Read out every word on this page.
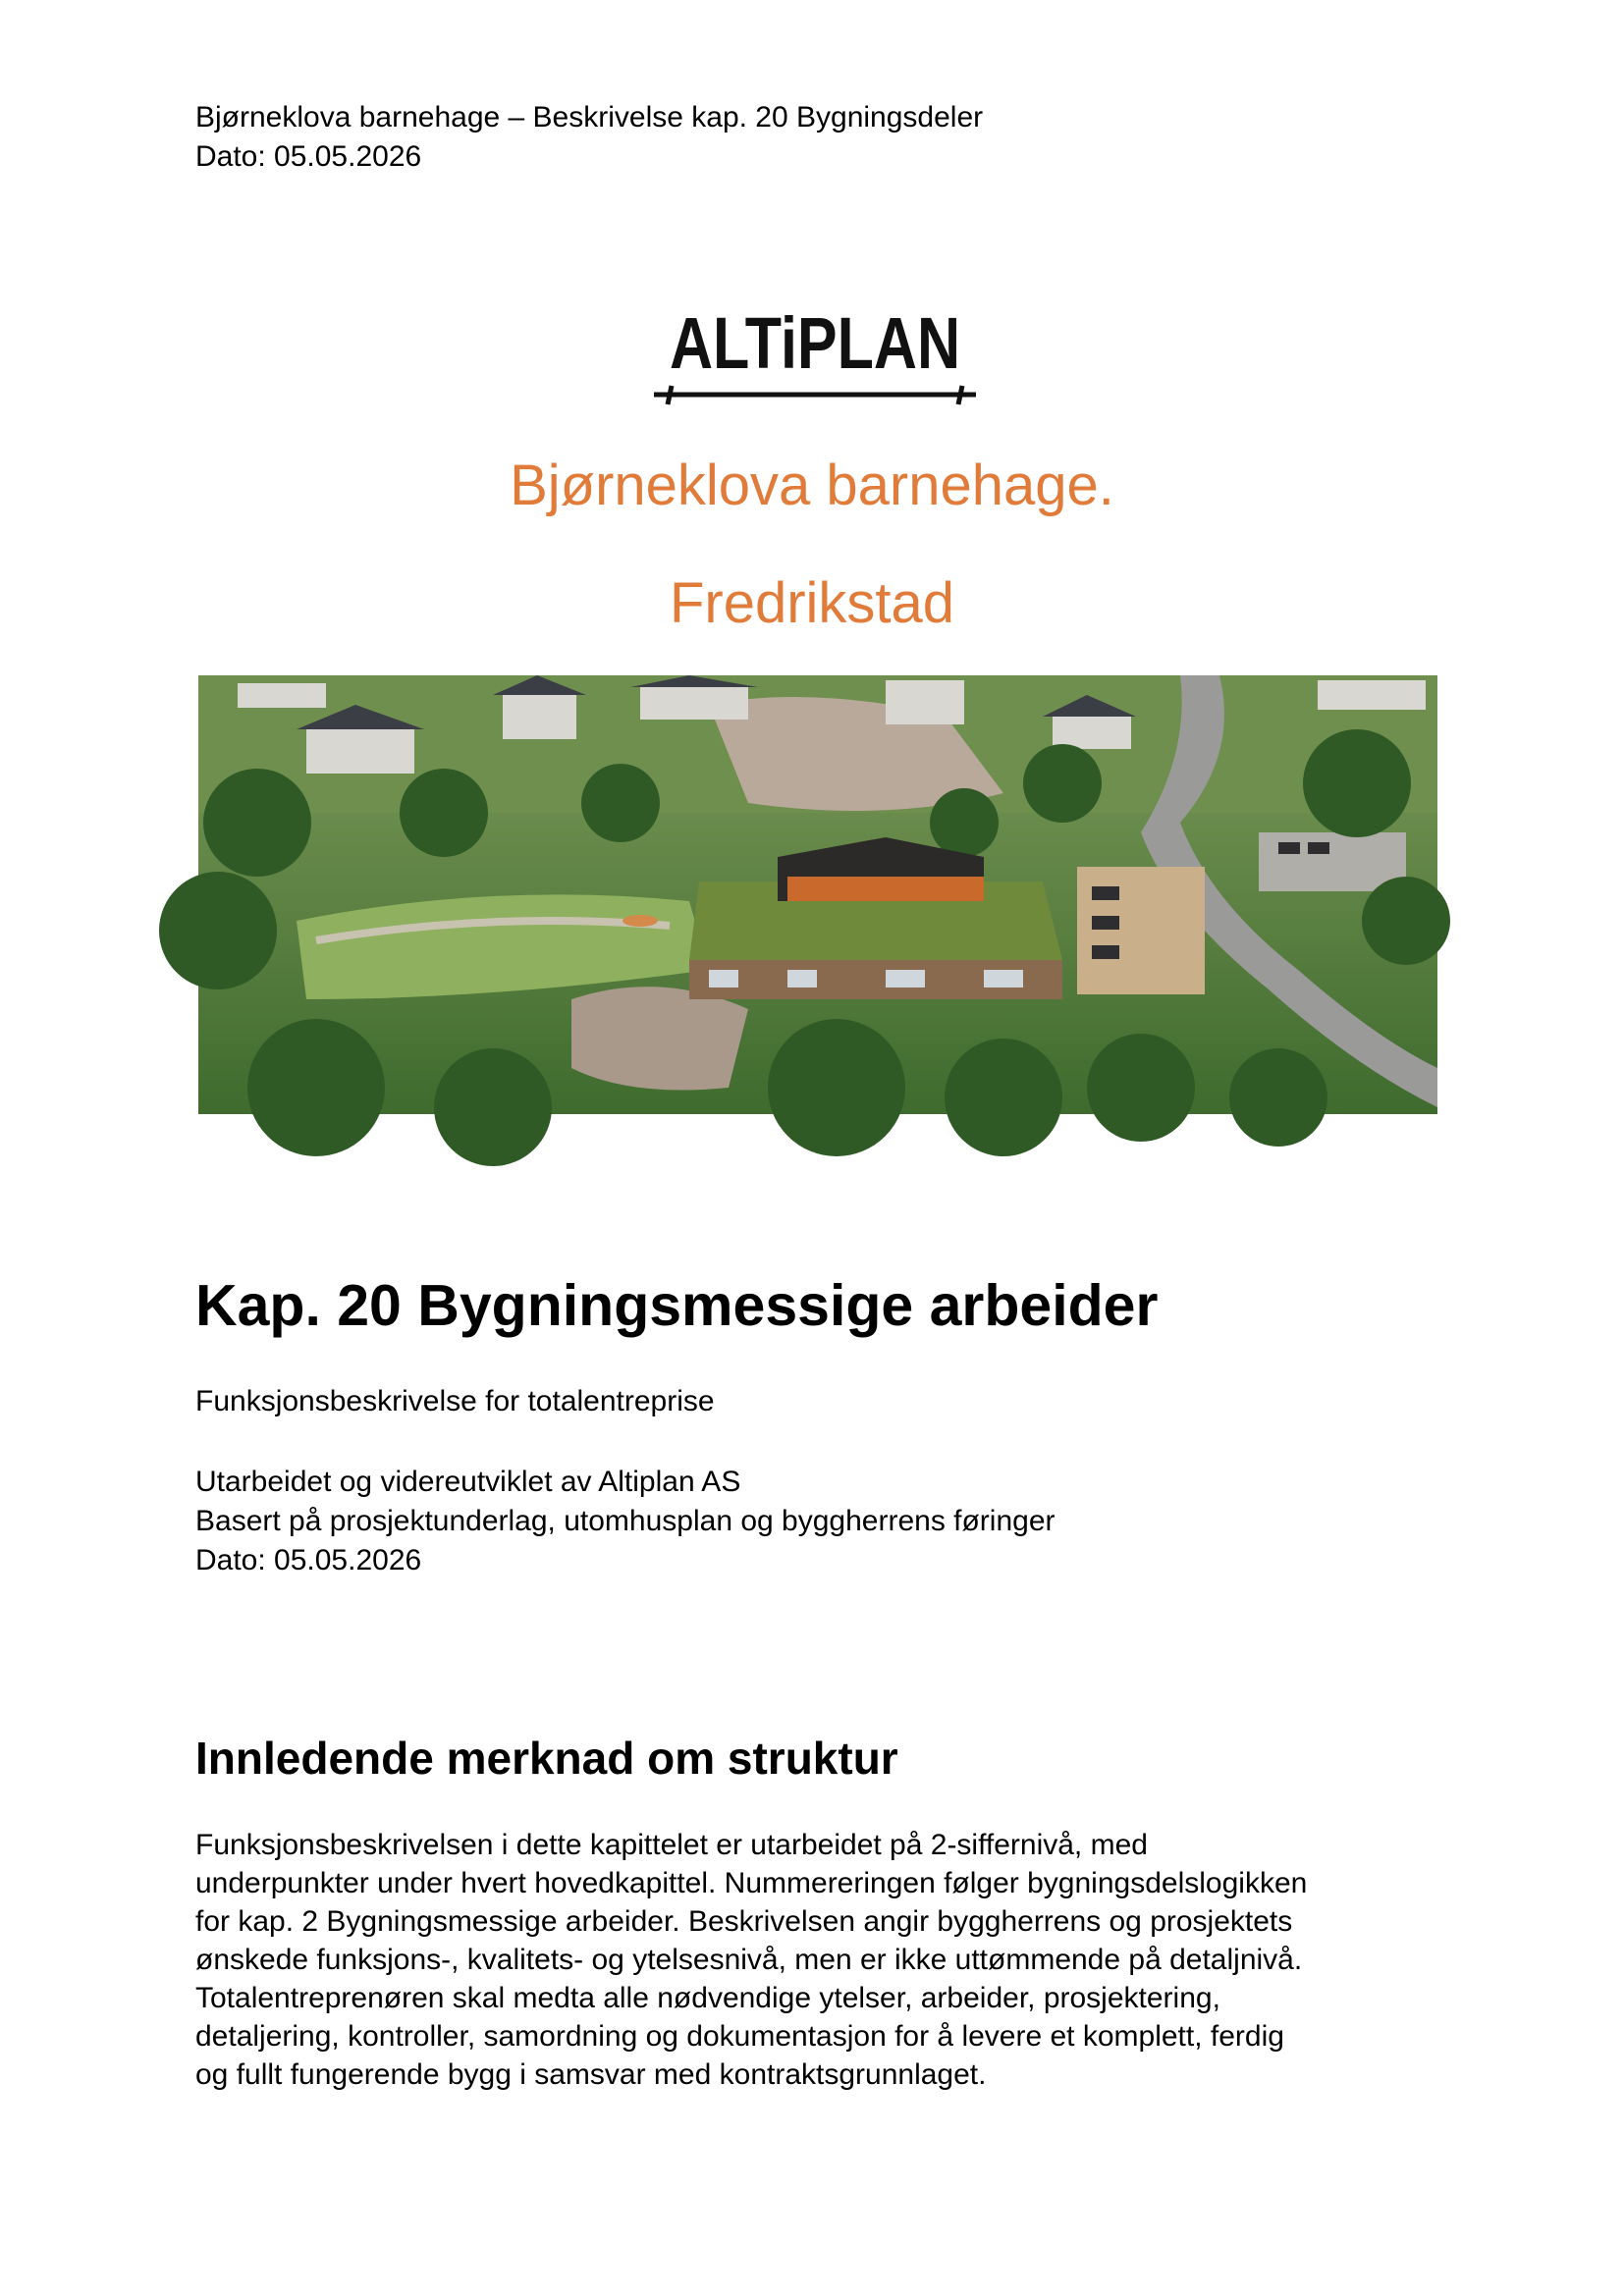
Bjørneklova barnehage – Beskrivelse kap. 20 Bygningsdeler
Dato: 05.05.2026
ALTiPLAN
Bjørneklova barnehage.
Fredrikstad
Kap. 20 Bygningsmessige arbeider
Funksjonsbeskrivelse for totalentreprise
Utarbeidet og videreutviklet av Altiplan AS
Basert på prosjektunderlag, utomhusplan og byggherrens føringer
Dato: 05.05.2026
Innledende merknad om struktur
Funksjonsbeskrivelsen i dette kapittelet er utarbeidet på 2-siffernivå, med
underpunkter under hvert hovedkapittel. Nummereringen følger bygningsdelslogikken
for kap. 2 Bygningsmessige arbeider. Beskrivelsen angir byggherrens og prosjektets
ønskede funksjons-, kvalitets- og ytelsesnivå, men er ikke uttømmende på detaljnivå.
Totalentreprenøren skal medta alle nødvendige ytelser, arbeider, prosjektering,
detaljering, kontroller, samordning og dokumentasjon for å levere et komplett, ferdig
og fullt fungerende bygg i samsvar med kontraktsgrunnlaget.
